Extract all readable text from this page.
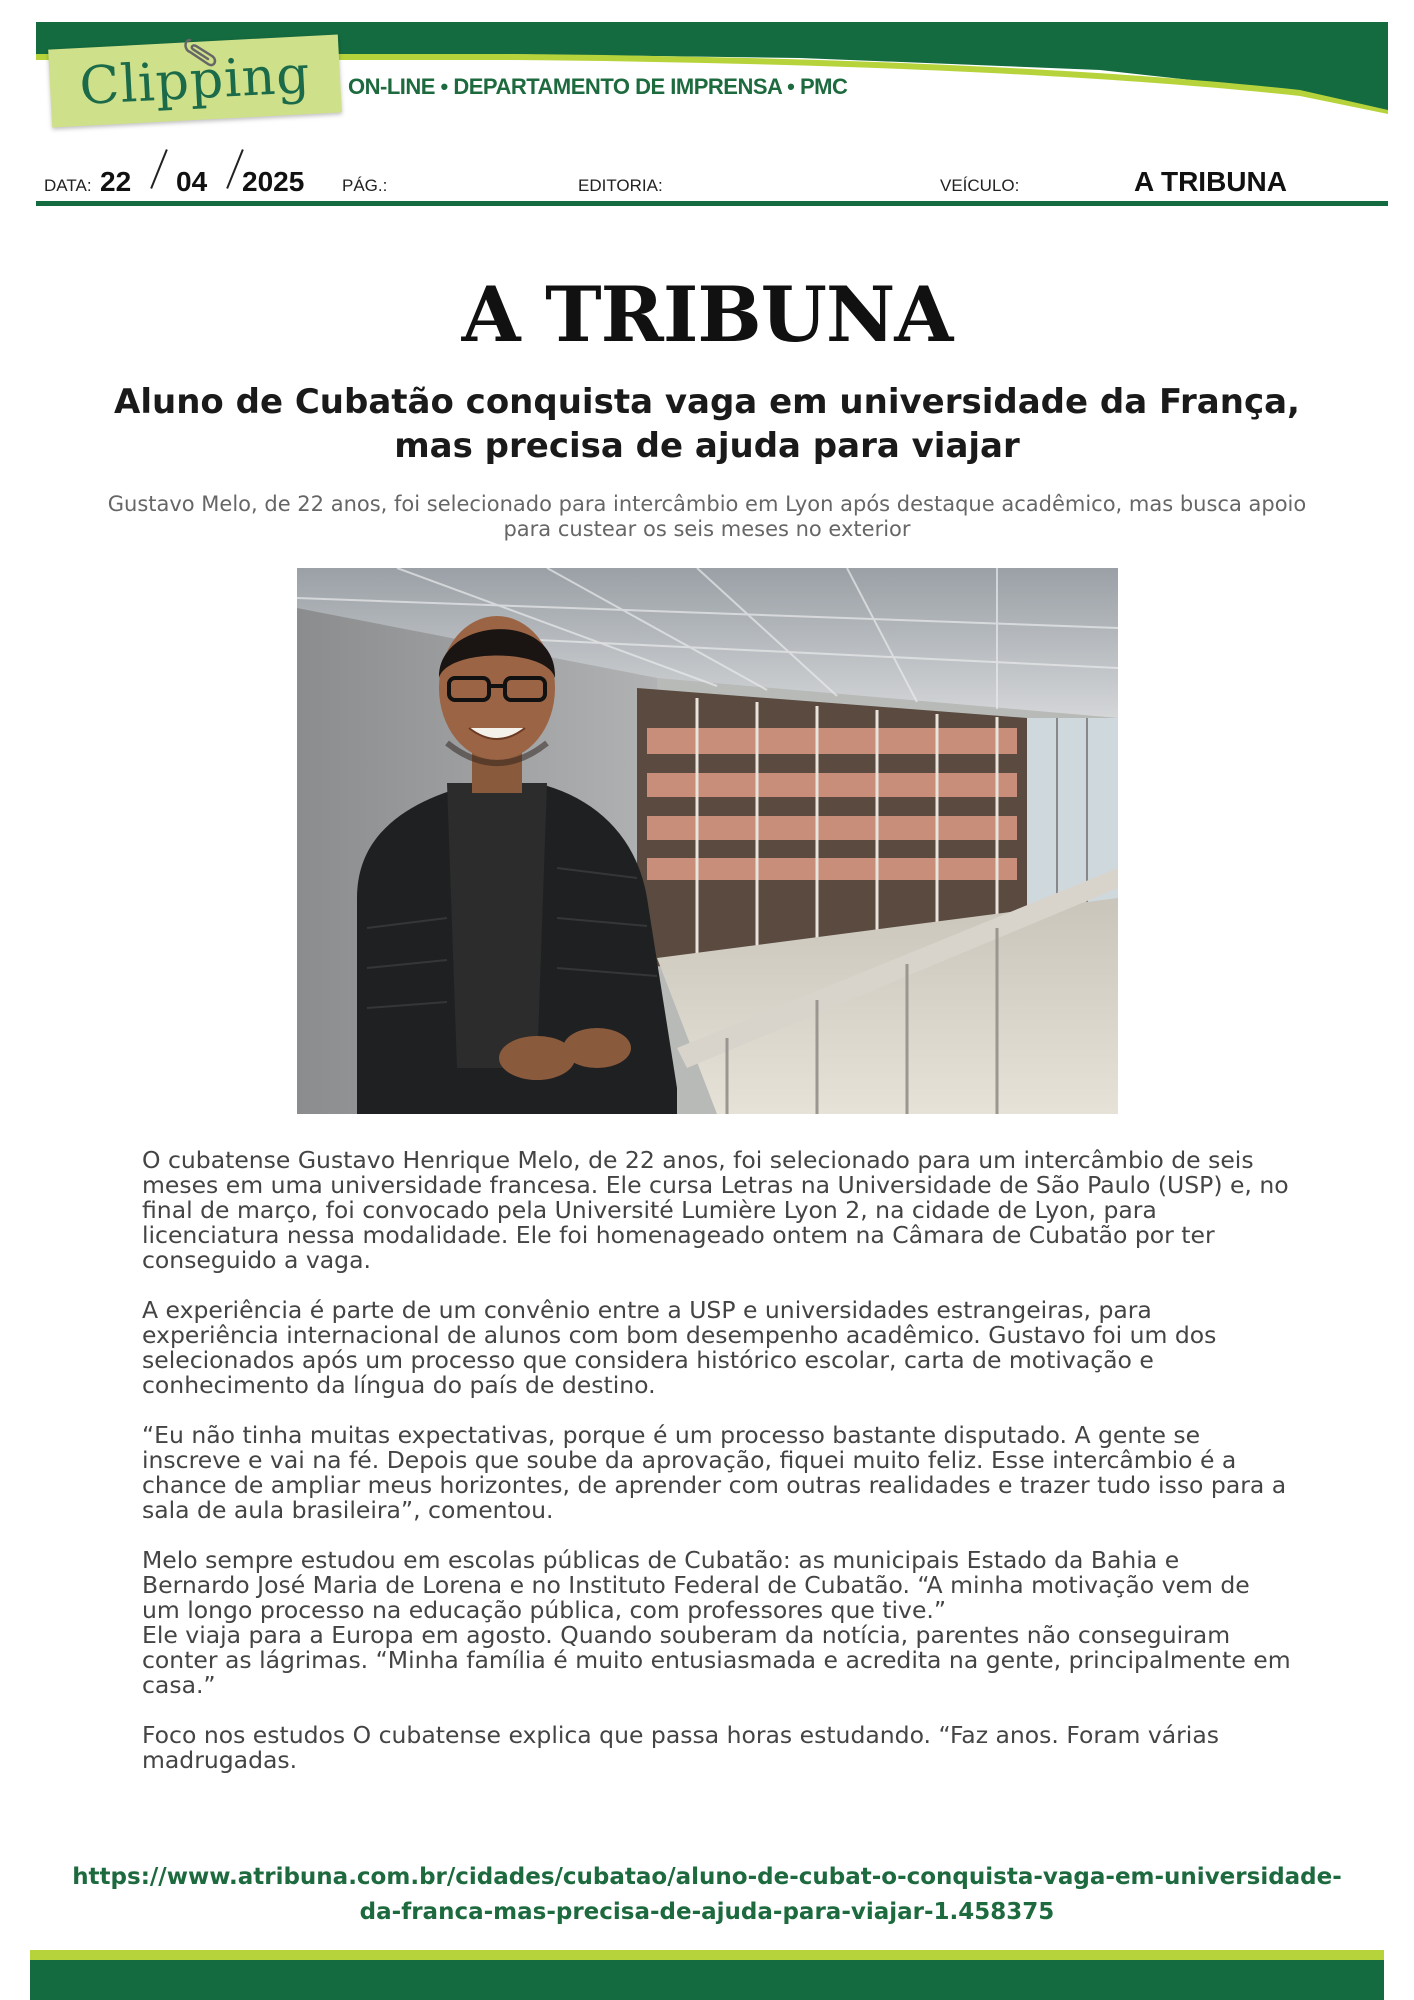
Clipping ON-LINE • DEPARTAMENTO DE IMPRENSA • PMC
DATA: 22 04 2025 PÁG.:	EDITORIA:	VEÍCULO:	A TRIBUNA
A TRIBUNA
Aluno de Cubatão conquista vaga em universidade da França,
mas precisa de ajuda para viajar
Gustavo Melo, de 22 anos, foi selecionado para intercâmbio em Lyon após destaque acadêmico, mas busca apoio para custear os seis meses no exterior

O cubatense Gustavo Henrique Melo, de 22 anos, foi selecionado para um intercâmbio de seis meses em uma universidade francesa. Ele cursa Letras na Universidade de São Paulo (USP) e, no final de março, foi convocado pela Université Lumière Lyon 2, na cidade de Lyon, para licenciatura nessa modalidade. Ele foi homenageado ontem na Câmara de Cubatão por ter conseguido a vaga.

A experiência é parte de um convênio entre a USP e universidades estrangeiras, para experiência internacional de alunos com bom desempenho acadêmico. Gustavo foi um dos selecionados após um processo que considera histórico escolar, carta de motivação e conhecimento da língua do país de destino.

“Eu não tinha muitas expectativas, porque é um processo bastante disputado. A gente se inscreve e vai na fé. Depois que soube da aprovação, fiquei muito feliz. Esse intercâmbio é a chance de ampliar meus horizontes, de aprender com outras realidades e trazer tudo isso para a sala de aula brasileira”, comentou.

Melo sempre estudou em escolas públicas de Cubatão: as municipais Estado da Bahia e Bernardo José Maria de Lorena e no Instituto Federal de Cubatão. “A minha motivação vem de um longo processo na educação pública, com professores que tive.”
Ele viaja para a Europa em agosto. Quando souberam da notícia, parentes não conseguiram conter as lágrimas. “Minha família é muito entusiasmada e acredita na gente, principalmente em casa.”

Foco nos estudos O cubatense explica que passa horas estudando. “Faz anos. Foram várias madrugadas.

https://www.atribuna.com.br/cidades/cubatao/aluno-de-cubat-o-conquista-vaga-em-universidade-
da-franca-mas-precisa-de-ajuda-para-viajar-1.458375
